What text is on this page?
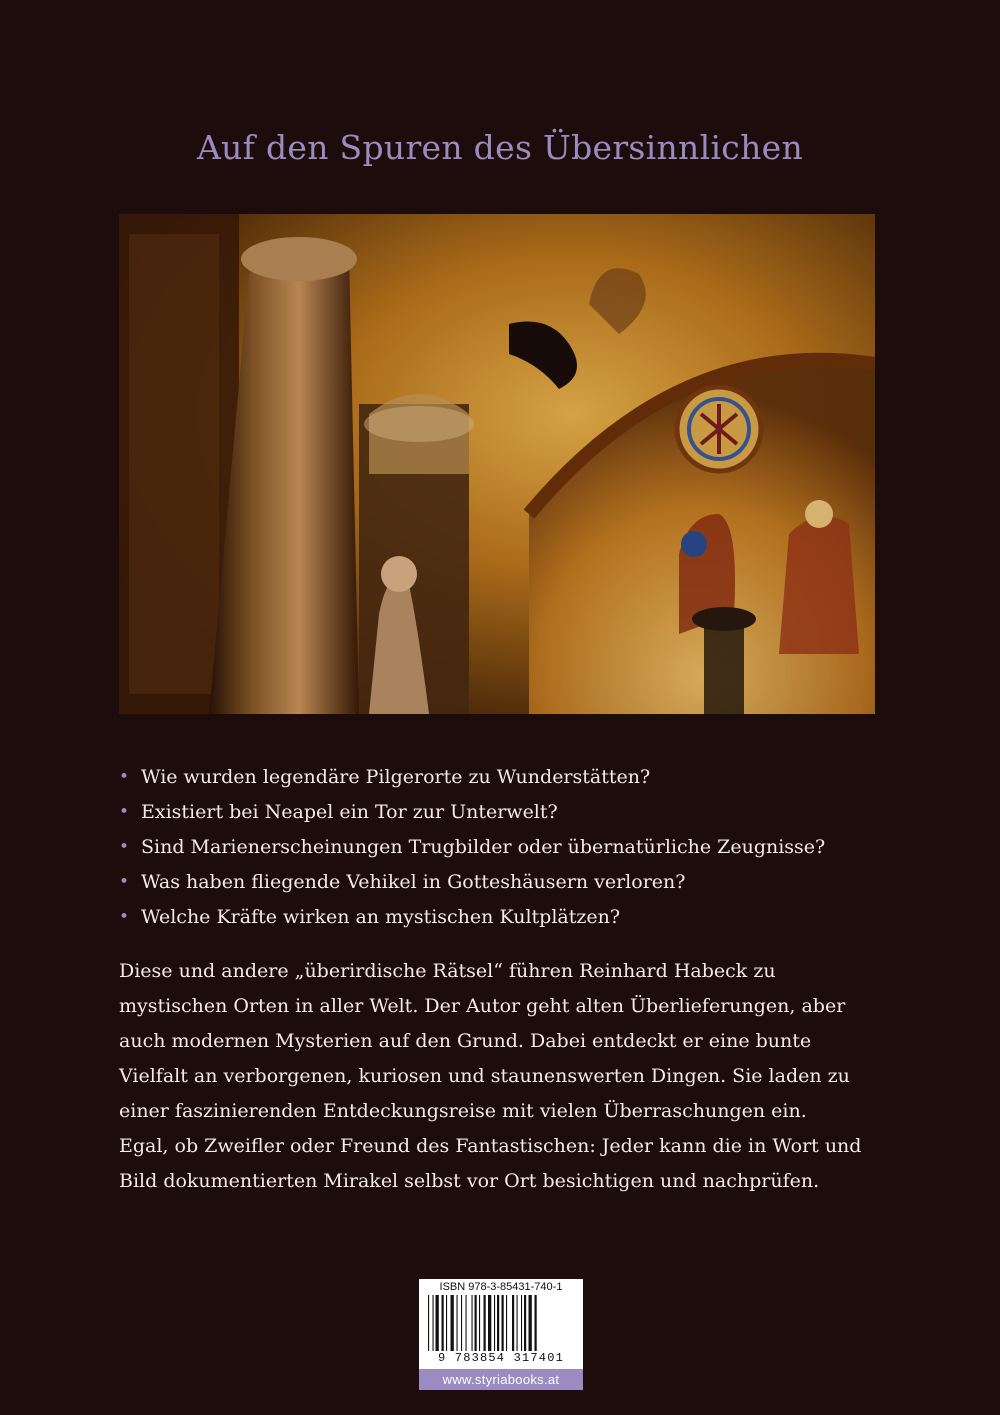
Auf den Spuren des Übersinnlichen
• Wie wurden legendäre Pilgerorte zu Wunderstätten?
• Existiert bei Neapel ein Tor zur Unterwelt?
• Sind Marienerscheinungen Trugbilder oder übernatürliche Zeugnisse?
• Was haben fliegende Vehikel in Gotteshäusern verloren?
• Welche Kräfte wirken an mystischen Kultplätzen?

Diese und andere „überirdische Rätsel“ führen Reinhard Habeck zu
mystischen Orten in aller Welt. Der Autor geht alten Überlieferungen, aber
auch modernen Mysterien auf den Grund. Dabei entdeckt er eine bunte
Vielfalt an verborgenen, kuriosen und staunenswerten Dingen. Sie laden zu
einer faszinierenden Entdeckungsreise mit vielen Überraschungen ein.
Egal, ob Zweifler oder Freund des Fantastischen: Jeder kann die in Wort und
Bild dokumentierten Mirakel selbst vor Ort besichtigen und nachprüfen.

ISBN 978-3-85431-740-1
9 783854 317401
www.styriabooks.at
